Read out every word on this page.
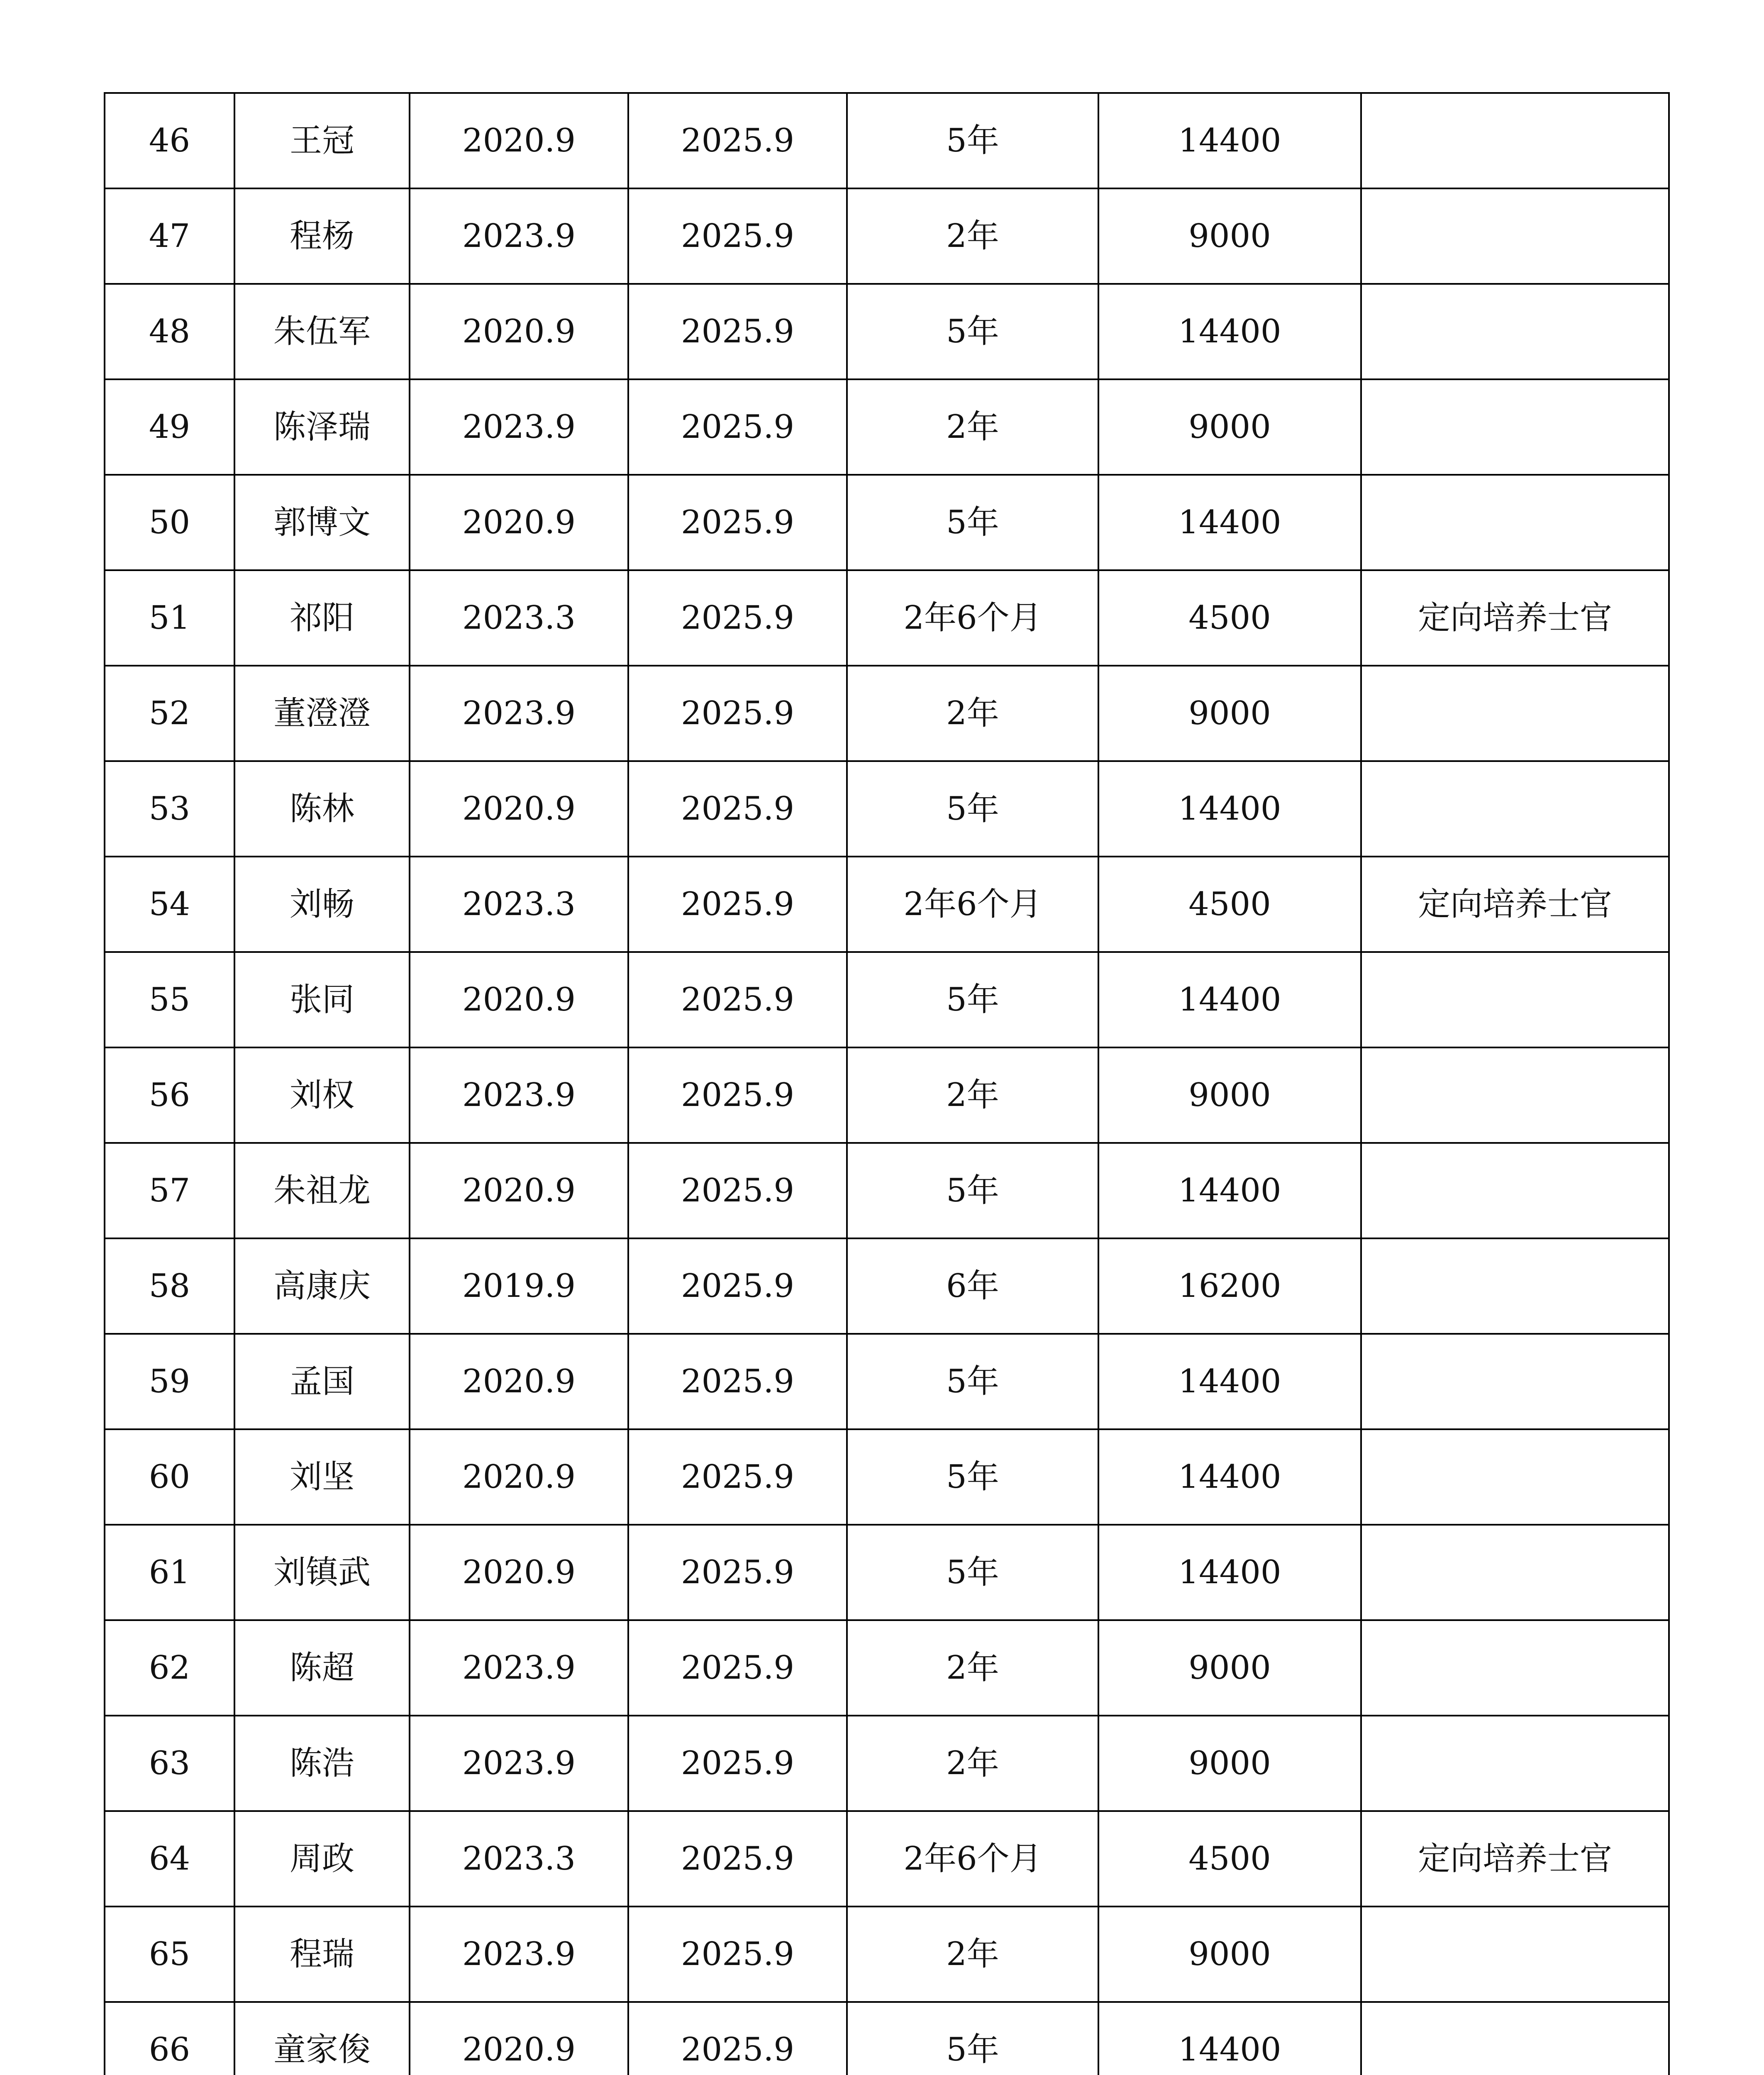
46	王冠	2020.9	2025.9	5年	14400	
47	程杨	2023.9	2025.9	2年	9000	
48	朱伍军	2020.9	2025.9	5年	14400	
49	陈泽瑞	2023.9	2025.9	2年	9000	
50	郭博文	2020.9	2025.9	5年	14400	
51	祁阳	2023.3	2025.9	2年6个月	4500	定向培养士官
52	董澄澄	2023.9	2025.9	2年	9000	
53	陈林	2020.9	2025.9	5年	14400	
54	刘畅	2023.3	2025.9	2年6个月	4500	定向培养士官
55	张同	2020.9	2025.9	5年	14400	
56	刘权	2023.9	2025.9	2年	9000	
57	朱祖龙	2020.9	2025.9	5年	14400	
58	高康庆	2019.9	2025.9	6年	16200	
59	孟国	2020.9	2025.9	5年	14400	
60	刘坚	2020.9	2025.9	5年	14400	
61	刘镇武	2020.9	2025.9	5年	14400	
62	陈超	2023.9	2025.9	2年	9000	
63	陈浩	2023.9	2025.9	2年	9000	
64	周政	2023.3	2025.9	2年6个月	4500	定向培养士官
65	程瑞	2023.9	2025.9	2年	9000	
66	童家俊	2020.9	2025.9	5年	14400	
